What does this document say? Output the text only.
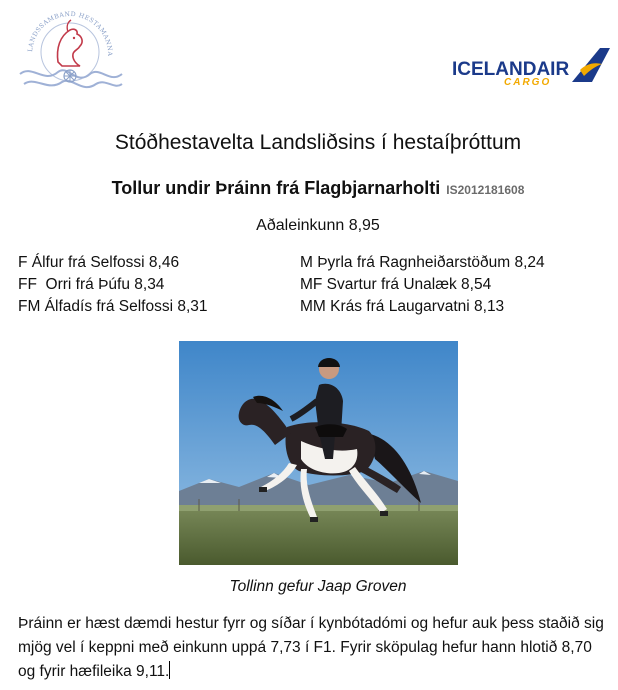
LANDSSAMBAND HESTAMANNA
ICELANDAIR
CARGO
Stóðhestavelta Landsliðsins í hestaíþróttum
Tollur undir Þráinn frá Flagbjarnarholti IS2012181608
Aðaleinkunn 8,95
F Álfur frá Selfossi 8,46
FF  Orri frá Þúfu 8,34
FM Álfadís frá Selfossi 8,31
M Þyrla frá Ragnheiðarstöðum 8,24
MF Svartur frá Unalæk 8,54
MM Krás frá Laugarvatni 8,13
Tollinn gefur Jaap Groven
Þráinn er hæst dæmdi hestur fyrr og síðar í kynbótadómi og hefur auk þess staðið sig mjög vel í keppni með einkunn uppá 7,73 í F1. Fyrir sköpulag hefur hann hlotið 8,70 og fyrir hæfileika 9,11.
